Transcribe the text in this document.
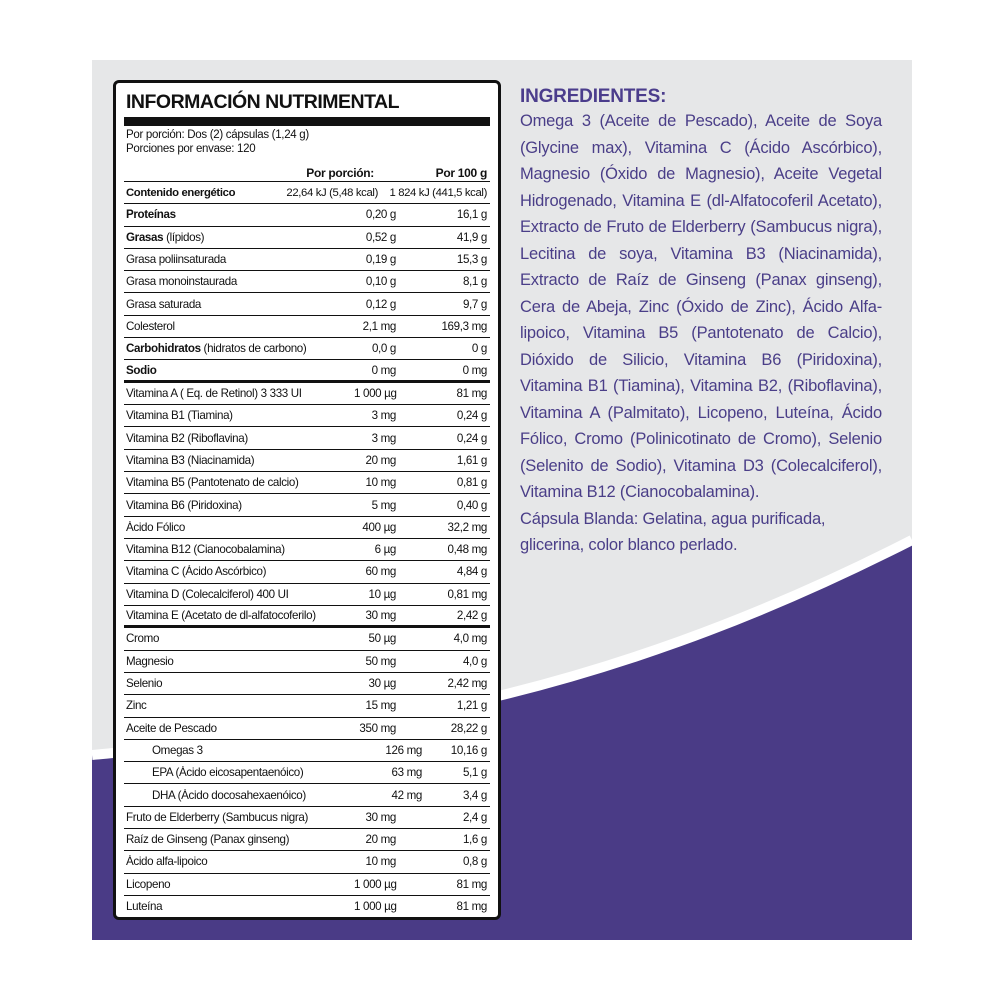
INFORMACIÓN NUTRIMENTAL
Por porción: Dos (2) cápsulas (1,24 g)
Porciones por envase: 120
Por porción:	Por 100 g
Contenido energético	22,64 kJ (5,48 kcal)	1 824 kJ (441,5 kcal)
Proteínas	0,20 g	16,1 g
Grasas (lípidos)	0,52 g	41,9 g
Grasa poliinsaturada	0,19 g	15,3 g
Grasa monoinstaurada	0,10 g	8,1 g
Grasa saturada	0,12 g	9,7 g
Colesterol	2,1 mg	169,3 mg
Carbohidratos (hidratos de carbono)	0,0 g	0 g
Sodio	0 mg	0 mg
Vitamina A ( Eq. de Retinol) 3 333 UI	1 000 µg	81 mg
Vitamina B1 (Tiamina)	3 mg	0,24 g
Vitamina B2 (Riboflavina)	3 mg	0,24 g
Vitamina B3 (Niacinamida)	20 mg	1,61 g
Vitamina B5 (Pantotenato de calcio)	10 mg	0,81 g
Vitamina B6 (Piridoxina)	5 mg	0,40 g
Ácido Fólico	400 µg	32,2 mg
Vitamina B12 (Cianocobalamina)	6 µg	0,48 mg
Vitamina C (Ácido Ascórbico)	60 mg	4,84 g
Vitamina D (Colecalciferol) 400 UI	10 µg	0,81 mg
Vitamina E (Acetato de dl-alfatocoferilo)	30 mg	2,42 g
Cromo	50 µg	4,0 mg
Magnesio	50 mg	4,0 g
Selenio	30 µg	2,42 mg
Zinc	15 mg	1,21 g
Aceite de Pescado	350 mg	28,22 g
Omegas 3	126 mg	10,16 g
EPA (Ácido eicosapentaenóico)	63 mg	5,1 g
DHA (Ácido docosahexaenóico)	42 mg	3,4 g
Fruto de Elderberry (Sambucus nigra)	30 mg	2,4 g
Raíz de Ginseng (Panax ginseng)	20 mg	1,6 g
Ácido alfa-lipoico	10 mg	0,8 g
Licopeno	1 000 µg	81 mg
Luteína	1 000 µg	81 mg
INGREDIENTES:
Omega 3 (Aceite de Pescado), Aceite de Soya (Glycine max), Vitamina C (Ácido Ascórbico), Magnesio (Óxido de Magnesio), Aceite Vegetal Hidrogenado, Vitamina E (dl-Alfatocoferil Acetato), Extracto de Fruto de Elderberry (Sambucus nigra), Lecitina de soya, Vitamina B3 (Niacinamida), Extracto de Raíz de Ginseng (Panax ginseng), Cera de Abeja, Zinc (Óxido de Zinc), Ácido Alfa-lipoico, Vitamina B5 (Pantotenato de Calcio), Dióxido de Silicio, Vitamina B6 (Piridoxina), Vitamina B1 (Tiamina), Vitamina B2, (Riboflavina), Vitamina A (Palmitato), Licopeno, Luteína, Ácido Fólico, Cromo (Polinicotinato de Cromo), Selenio (Selenito de Sodio), Vitamina D3 (Colecalciferol), Vitamina B12 (Cianocobalamina).
Cápsula Blanda: Gelatina, agua purificada, glicerina, color blanco perlado.
